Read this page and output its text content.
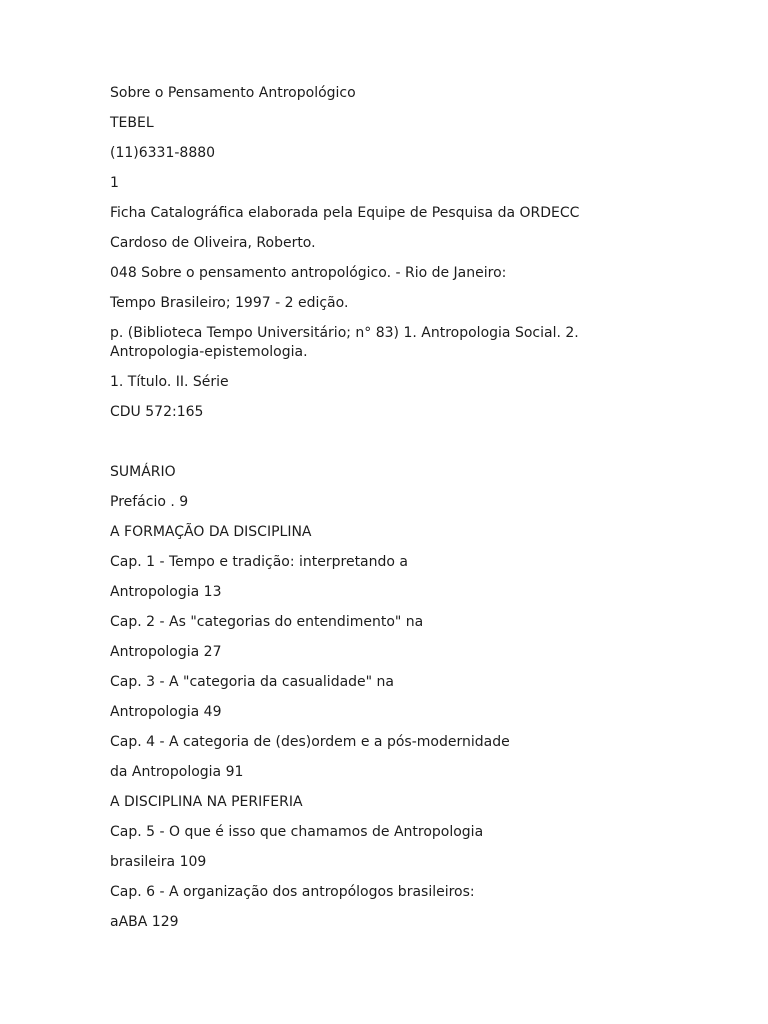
Sobre o Pensamento Antropológico

TEBEL

(11)6331-8880

1

Ficha Catalográfica elaborada pela Equipe de Pesquisa da ORDECC

Cardoso de Oliveira, Roberto.

048 Sobre o pensamento antropológico. - Rio de Janeiro:

Tempo Brasileiro; 1997 - 2 edição.

p. (Biblioteca Tempo Universitário; n° 83) 1. Antropologia Social. 2. Antropologia-epistemologia.

1. Título. II. Série

CDU 572:165

SUMÁRIO

Prefácio . 9

A FORMAÇÃO DA DISCIPLINA

Cap. 1 - Tempo e tradição: interpretando a

Antropologia 13

Cap. 2 - As "categorias do entendimento" na

Antropologia 27

Cap. 3 - A "categoria da casualidade" na

Antropologia 49

Cap. 4 - A categoria de (des)ordem e a pós-modernidade

da Antropologia 91

A DISCIPLINA NA PERIFERIA

Cap. 5 - O que é isso que chamamos de Antropologia

brasileira 109

Cap. 6 - A organização dos antropólogos brasileiros:

aABA 129
